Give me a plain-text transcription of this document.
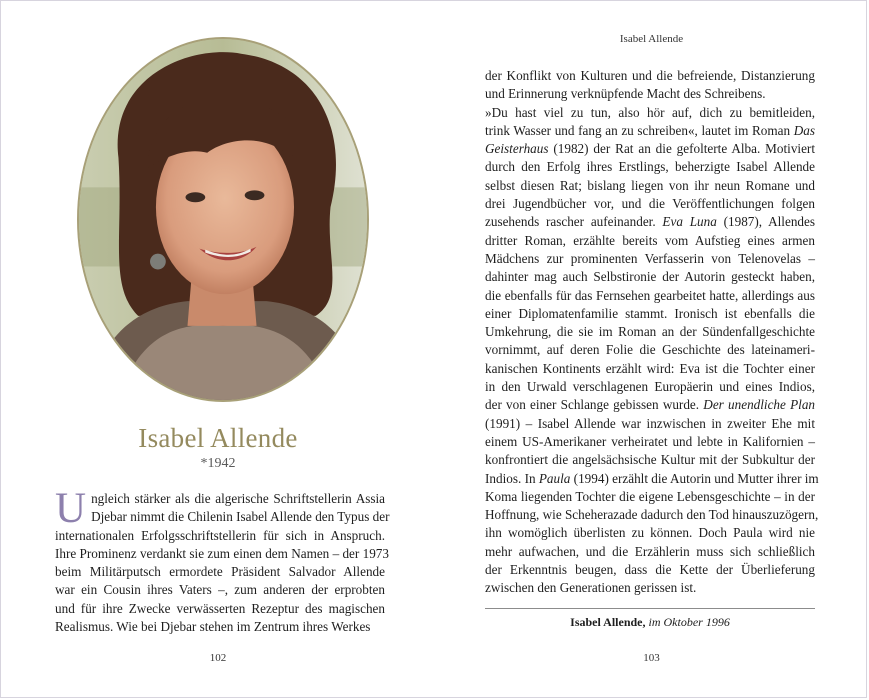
Isabel Allende
*1942
U ngleich stärker als die algerische Schriftstellerin Assia
Djebar nimmt die Chilenin Isabel Allende den Typus der
internationalen Erfolgsschriftstellerin für sich in Anspruch.
Ihre Prominenz verdankt sie zum einen dem Namen – der 1973
beim Militärputsch ermordete Präsident Salvador Allende
war ein Cousin ihres Vaters –, zum anderen der erprobten
und für ihre Zwecke verwässerten Rezeptur des magischen
Realismus. Wie bei Djebar stehen im Zentrum ihres Werkes
102
Isabel Allende
der Konflikt von Kulturen und die befreiende, Distanzierung
und Erinnerung verknüpfende Macht des Schreibens.
»Du hast viel zu tun, also hör auf, dich zu bemitleiden,
trink Wasser und fang an zu schreiben«, lautet im Roman Das
Geisterhaus (1982) der Rat an die gefolterte Alba. Motiviert
durch den Erfolg ihres Erstlings, beherzigte Isabel Allende
selbst diesen Rat; bislang liegen von ihr neun Romane und
drei Jugendbücher vor, und die Veröffentlichungen folgen
zusehends rascher aufeinander. Eva Luna (1987), Allendes
dritter Roman, erzählte bereits vom Aufstieg eines armen
Mädchens zur prominenten Verfasserin von Telenovelas –
dahinter mag auch Selbstironie der Autorin gesteckt haben,
die ebenfalls für das Fernsehen gearbeitet hatte, allerdings aus
einer Diplomatenfamilie stammt. Ironisch ist ebenfalls die
Umkehrung, die sie im Roman an der Sündenfallgeschichte
vornimmt, auf deren Folie die Geschichte des lateinameri-
kanischen Kontinents erzählt wird: Eva ist die Tochter einer
in den Urwald verschlagenen Europäerin und eines Indios,
der von einer Schlange gebissen wurde. Der unendliche Plan
(1991) – Isabel Allende war inzwischen in zweiter Ehe mit
einem US-Amerikaner verheiratet und lebte in Kalifornien –
konfrontiert die angelsächsische Kultur mit der Subkultur der
Indios. In Paula (1994) erzählt die Autorin und Mutter ihrer im
Koma liegenden Tochter die eigene Lebensgeschichte – in der
Hoffnung, wie Scheherazade dadurch den Tod hinauszuzögern,
ihn womöglich überlisten zu können. Doch Paula wird nie
mehr aufwachen, und die Erzählerin muss sich schließlich
der Erkenntnis beugen, dass die Kette der Überlieferung
zwischen den Generationen gerissen ist.
Isabel Allende, im Oktober 1996
103
